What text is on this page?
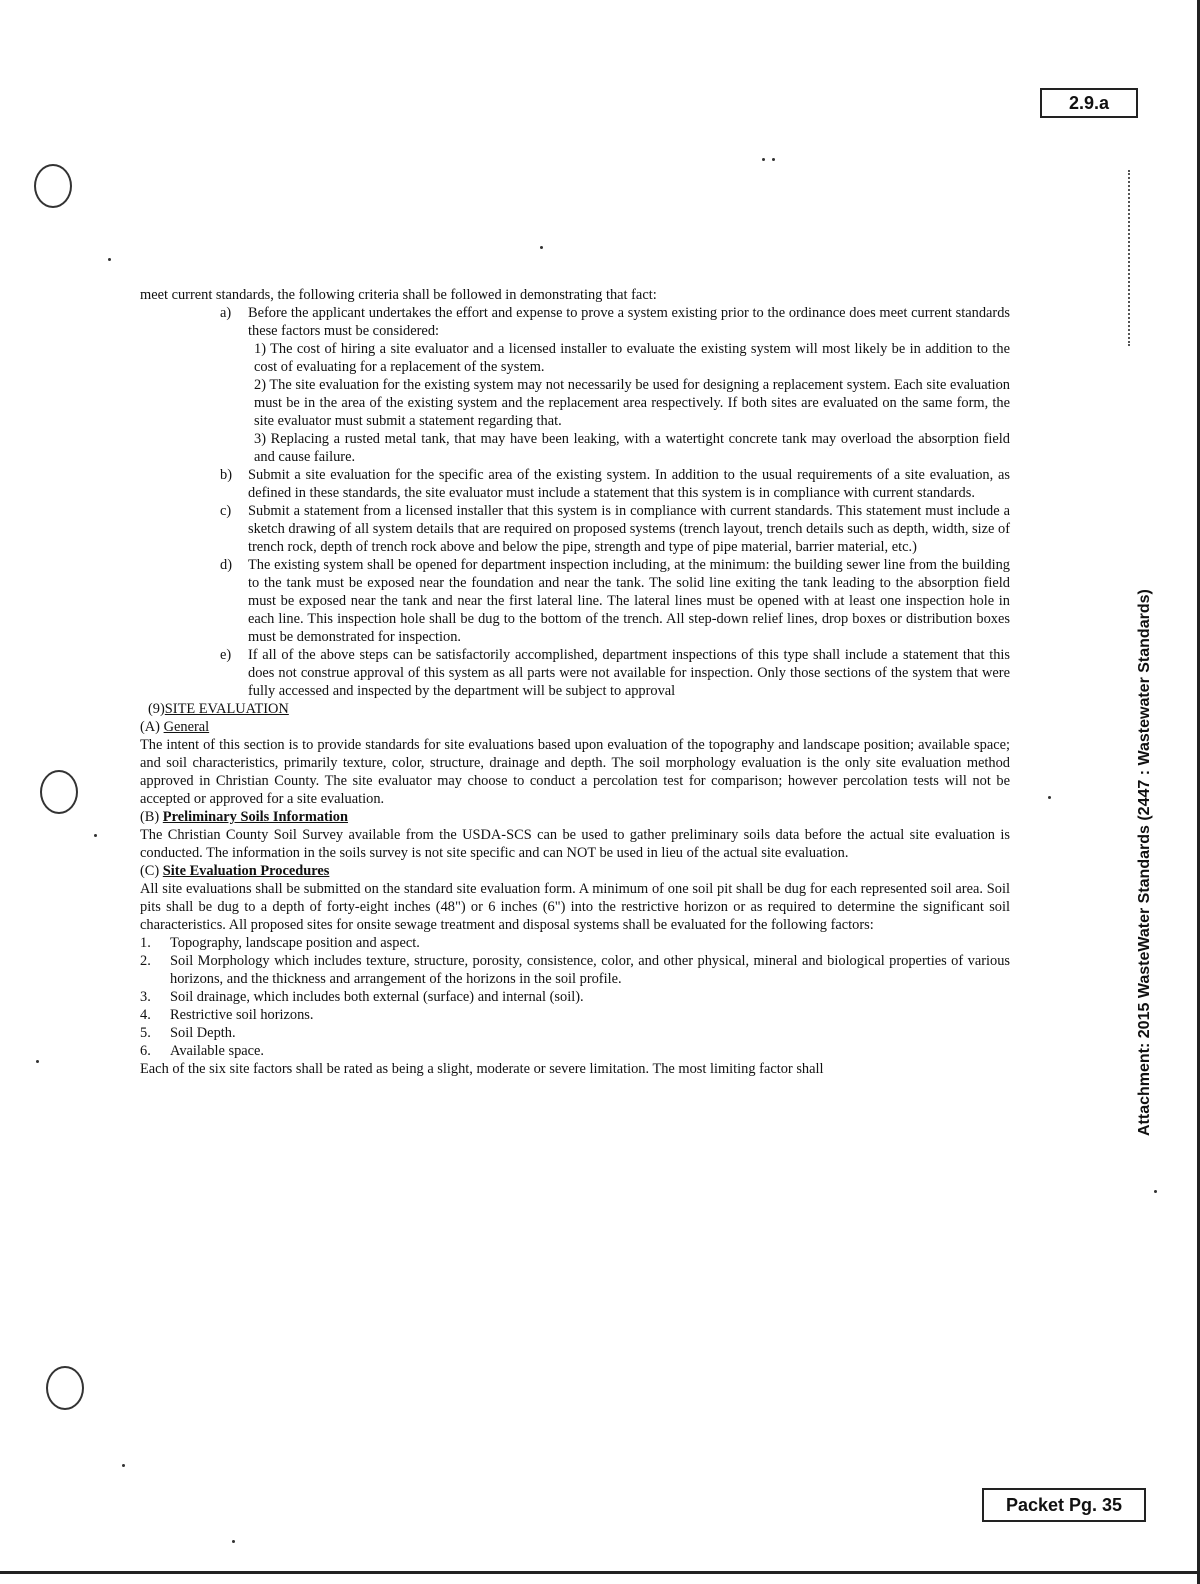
2.9.a
Attachment: 2015 WasteWater Standards (2447 : Wastewater Standards)
Packet Pg. 35

meet current standards, the following criteria shall be followed in demonstrating that fact:

a) Before the applicant undertakes the effort and expense to prove a system existing prior to the ordinance does meet current standards these factors must be considered:

1) The cost of hiring a site evaluator and a licensed installer to evaluate the existing system will most likely be in addition to the cost of evaluating for a replacement of the system.

2) The site evaluation for the existing system may not necessarily be used for designing a replacement system. Each site evaluation must be in the area of the existing system and the replacement area respectively. If both sites are evaluated on the same form, the site evaluator must submit a statement regarding that.

3) Replacing a rusted metal tank, that may have been leaking, with a watertight concrete tank may overload the absorption field and cause failure.

b) Submit a site evaluation for the specific area of the existing system. In addition to the usual requirements of a site evaluation, as defined in these standards, the site evaluator must include a statement that this system is in compliance with current standards.

c) Submit a statement from a licensed installer that this system is in compliance with current standards. This statement must include a sketch drawing of all system details that are required on proposed systems (trench layout, trench details such as depth, width, size of trench rock, depth of trench rock above and below the pipe, strength and type of pipe material, barrier material, etc.)

d) The existing system shall be opened for department inspection including, at the minimum: the building sewer line from the building to the tank must be exposed near the foundation and near the tank. The solid line exiting the tank leading to the absorption field must be exposed near the tank and near the first lateral line. The lateral lines must be opened with at least one inspection hole in each line. This inspection hole shall be dug to the bottom of the trench. All step-down relief lines, drop boxes or distribution boxes must be demonstrated for inspection.

e) If all of the above steps can be satisfactorily accomplished, department inspections of this type shall include a statement that this does not construe approval of this system as all parts were not available for inspection. Only those sections of the system that were fully accessed and inspected by the department will be subject to approval

(9)SITE EVALUATION

(A) General

The intent of this section is to provide standards for site evaluations based upon evaluation of the topography and landscape position; available space; and soil characteristics, primarily texture, color, structure, drainage and depth. The soil morphology evaluation is the only site evaluation method approved in Christian County. The site evaluator may choose to conduct a percolation test for comparison; however percolation tests will not be accepted or approved for a site evaluation.

(B) Preliminary Soils Information

The Christian County Soil Survey available from the USDA-SCS can be used to gather preliminary soils data before the actual site evaluation is conducted. The information in the soils survey is not site specific and can NOT be used in lieu of the actual site evaluation.

(C) Site Evaluation Procedures

All site evaluations shall be submitted on the standard site evaluation form. A minimum of one soil pit shall be dug for each represented soil area. Soil pits shall be dug to a depth of forty-eight inches (48") or 6 inches (6") into the restrictive horizon or as required to determine the significant soil characteristics. All proposed sites for onsite sewage treatment and disposal systems shall be evaluated for the following factors:

1. Topography, landscape position and aspect.
2. Soil Morphology which includes texture, structure, porosity, consistence, color, and other physical, mineral and biological properties of various horizons, and the thickness and arrangement of the horizons in the soil profile.
3. Soil drainage, which includes both external (surface) and internal (soil).
4. Restrictive soil horizons.
5. Soil Depth.
6. Available space.

Each of the six site factors shall be rated as being a slight, moderate or severe limitation. The most limiting factor shall
